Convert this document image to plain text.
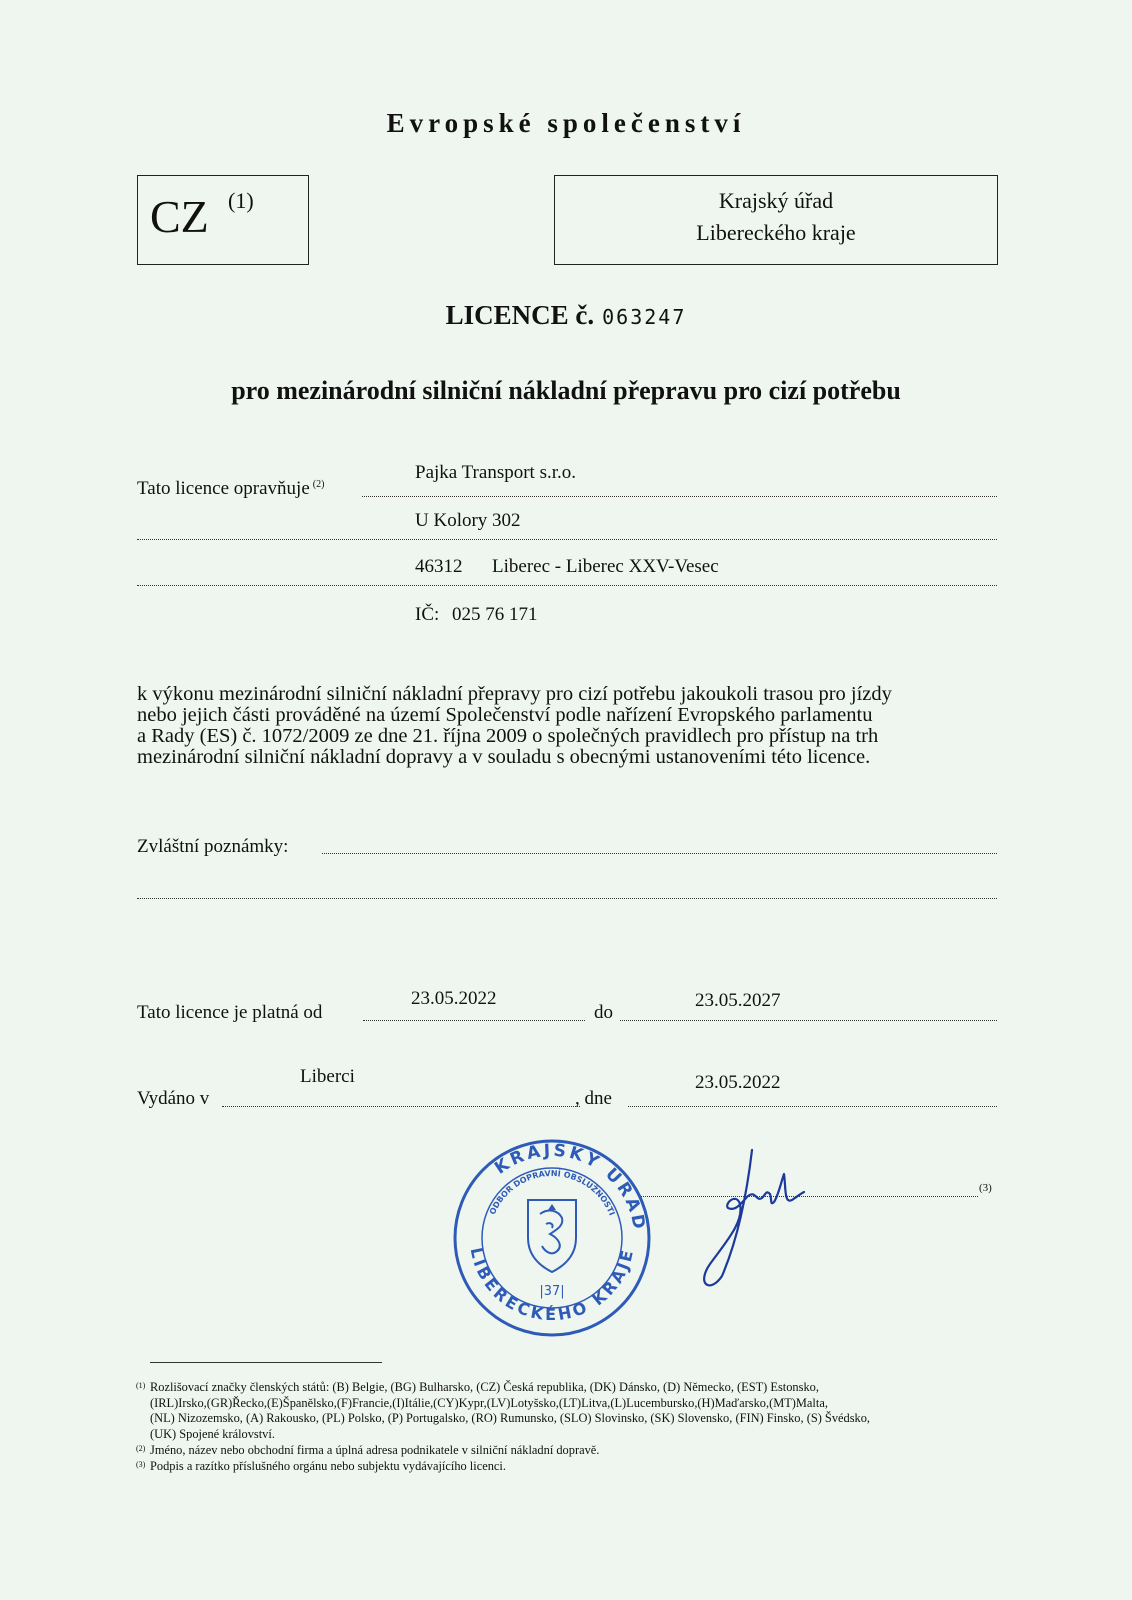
Evropské společenství
CZ (1)	Krajský úřad
Libereckého kraje
LICENCE č. 063247
pro mezinárodní silniční nákladní přepravu pro cizí potřebu
Tato licence opravňuje $^{(2)}$
Pajka Transport s.r.o.
U Kolory 302
46312 Liberec - Liberec XXV-Vesec
IČ: 025 76 171
k výkonu mezinárodní silniční nákladní přepravy pro cizí potřebu jakoukoli trasou pro jízdy
nebo jejich části prováděné na území Společenství podle nařízení Evropského parlamentu
a Rady (ES) č. 1072/2009 ze dne 21. října 2009 o společných pravidlech pro přístup na trh
mezinárodní silniční nákladní dopravy a v souladu s obecnými ustanoveními této licence.
Zvláštní poznámky:
Tato licence je platná od
23.05.2022
do
23.05.2027
Vydáno v
Liberci
, dne
23.05.2022
(3)
KRAJSKÝ ÚŘAD
ODBOR DOPRAVNÍ OBSLUŽNOSTI
LIBERECKÉHO KRAJE
|37|
(1) Rozlišovací značky členských států: (B) Belgie, (BG) Bulharsko, (CZ) Česká republika, (DK) Dánsko, (D) Německo, (EST) Estonsko,
(IRL)Irsko,(GR)Řecko,(E)Španělsko,(F)Francie,(I)Itálie,(CY)Kypr,(LV)Lotyšsko,(LT)Litva,(L)Lucembursko,(H)Maďarsko,(MT)Malta,
(NL) Nizozemsko, (A) Rakousko, (PL) Polsko, (P) Portugalsko, (RO) Rumunsko, (SLO) Slovinsko, (SK) Slovensko, (FIN) Finsko, (S) Švédsko,
(UK) Spojené království.
(2) Jméno, název nebo obchodní firma a úplná adresa podnikatele v silniční nákladní dopravě.
(3) Podpis a razítko příslušného orgánu nebo subjektu vydávajícího licenci.
